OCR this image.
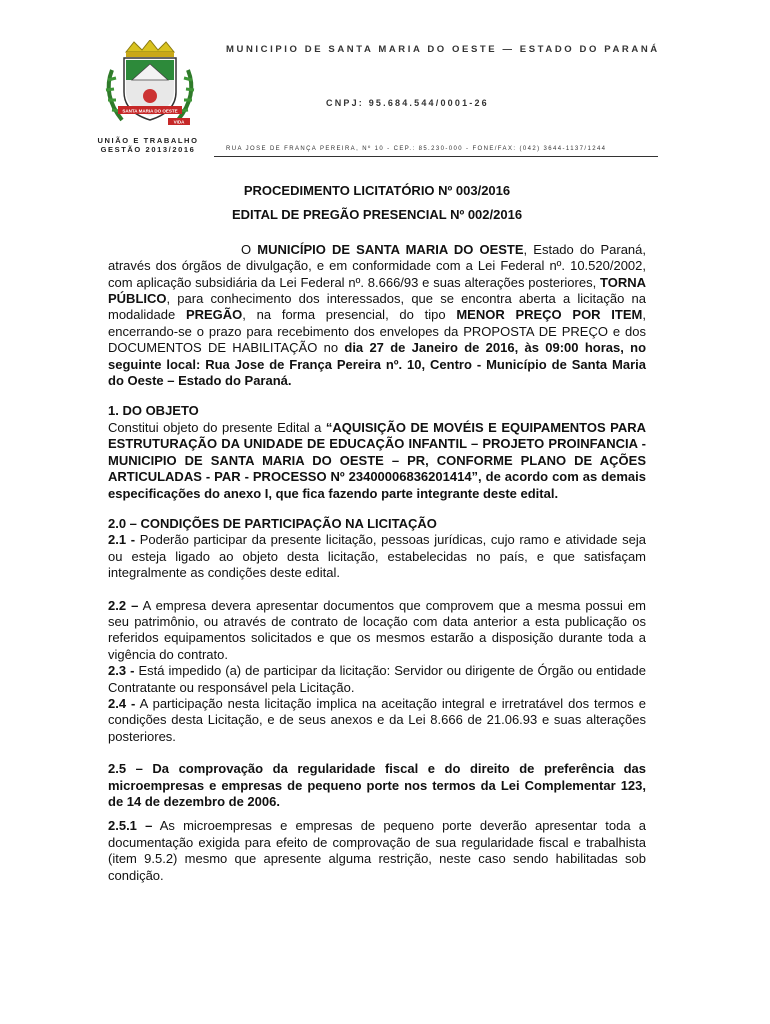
SANTA MARIA DO OESTE
VIDA
UNIÃO E TRABALHO
GESTÃO 2013/2016
MUNICIPIO DE SANTA MARIA DO OESTE — ESTADO DO PARANÁ
CNPJ: 95.684.544/0001-26
RUA JOSE DE FRANÇA PEREIRA, Nº 10 - CEP.: 85.230-000 - FONE/FAX: (042) 3644-1137/1244
PROCEDIMENTO LICITATÓRIO Nº 003/2016
EDITAL DE PREGÃO PRESENCIAL Nº 002/2016

O MUNICÍPIO DE SANTA MARIA DO OESTE, Estado do Paraná, através dos órgãos de divulgação, e em conformidade com a Lei Federal nº. 10.520/2002, com aplicação subsidiária da Lei Federal nº. 8.666/93 e suas alterações posteriores, TORNA PÚBLICO, para conhecimento dos interessados, que se encontra aberta a licitação na modalidade PREGÃO, na forma presencial, do tipo MENOR PREÇO POR ITEM, encerrando-se o prazo para recebimento dos envelopes da PROPOSTA DE PREÇO e dos DOCUMENTOS DE HABILITAÇÃO no dia 27 de Janeiro de 2016, às 09:00 horas, no seguinte local: Rua Jose de França Pereira nº. 10, Centro - Município de Santa Maria do Oeste – Estado do Paraná.

1. DO OBJETO

Constitui objeto do presente Edital a “AQUISIÇÃO DE MOVÉIS E EQUIPAMENTOS PARA ESTRUTURAÇÃO DA UNIDADE DE EDUCAÇÃO INFANTIL – PROJETO PROINFANCIA - MUNICIPIO DE SANTA MARIA DO OESTE – PR, CONFORME PLANO DE AÇÕES ARTICULADAS - PAR - PROCESSO Nº 23400006836201414”, de acordo com as demais especificações do anexo I, que fica fazendo parte integrante deste edital.

2.0 – CONDIÇÕES DE PARTICIPAÇÃO NA LICITAÇÃO

2.1 - Poderão participar da presente licitação, pessoas jurídicas, cujo ramo e atividade seja ou esteja ligado ao objeto desta licitação, estabelecidas no país, e que satisfaçam integralmente as condições deste edital.

2.2 – A empresa devera apresentar documentos que comprovem que a mesma possui em seu patrimônio, ou através de contrato de locação com data anterior a esta publicação os referidos equipamentos solicitados e que os mesmos estarão a disposição durante toda a vigência do contrato.

2.3 - Está impedido (a) de participar da licitação: Servidor ou dirigente de Órgão ou entidade Contratante ou responsável pela Licitação.

2.4 - A participação nesta licitação implica na aceitação integral e irretratável dos termos e condições desta Licitação, e de seus anexos e da Lei 8.666 de 21.06.93 e suas alterações posteriores.

2.5 – Da comprovação da regularidade fiscal e do direito de preferência das microempresas e empresas de pequeno porte nos termos da Lei Complementar 123, de 14 de dezembro de 2006.

2.5.1 – As microempresas e empresas de pequeno porte deverão apresentar toda a documentação exigida para efeito de comprovação de sua regularidade fiscal e trabalhista (item 9.5.2) mesmo que apresente alguma restrição, neste caso sendo habilitadas sob condição.
